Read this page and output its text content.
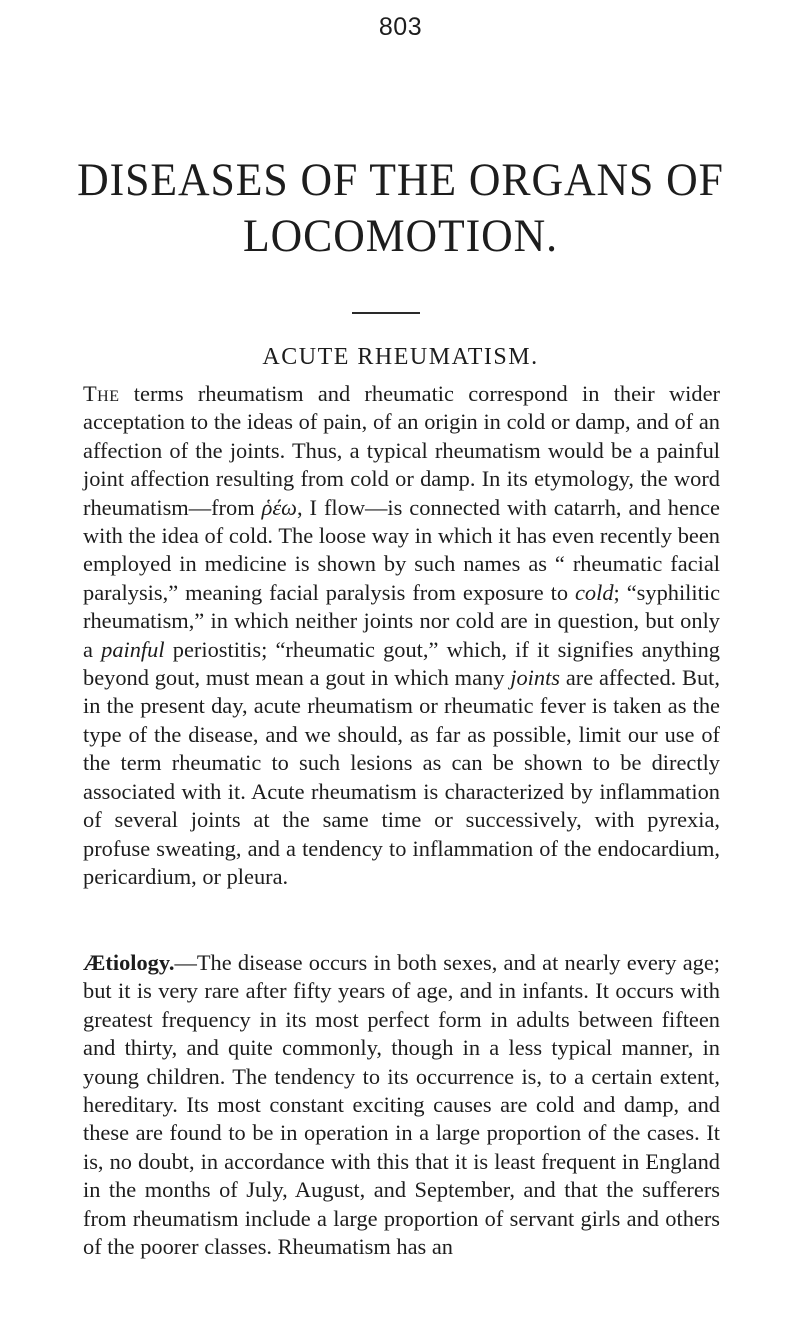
803
DISEASES OF THE ORGANS OF
LOCOMOTION.
ACUTE RHEUMATISM.

The terms rheumatism and rheumatic correspond in their wider acceptation to the ideas of pain, of an origin in cold or damp, and of an affection of the joints. Thus, a typical rheumatism would be a painful joint affection resulting from cold or damp. In its etymology, the word rheumatism—from ῥέω, I flow—is connected with catarrh, and hence with the idea of cold. The loose way in which it has even recently been employed in medicine is shown by such names as “ rheumatic facial paralysis,” meaning facial paralysis from exposure to cold; “syphilitic rheumatism,” in which neither joints nor cold are in question, but only a painful periostitis; “rheumatic gout,” which, if it signifies anything beyond gout, must mean a gout in which many joints are affected. But, in the present day, acute rheumatism or rheumatic fever is taken as the type of the disease, and we should, as far as possible, limit our use of the term rheumatic to such lesions as can be shown to be directly associated with it. Acute rheumatism is characterized by inflammation of several joints at the same time or successively, with pyrexia, profuse sweating, and a tendency to inflammation of the endocardium, pericardium, or pleura.

Ætiology.—The disease occurs in both sexes, and at nearly every age; but it is very rare after fifty years of age, and in infants. It occurs with greatest frequency in its most perfect form in adults between fifteen and thirty, and quite commonly, though in a less typical manner, in young children. The tendency to its occurrence is, to a certain extent, hereditary. Its most constant exciting causes are cold and damp, and these are found to be in operation in a large proportion of the cases. It is, no doubt, in accordance with this that it is least frequent in England in the months of July, August, and September, and that the sufferers from rheumatism include a large proportion of servant girls and others of the poorer classes. Rheumatism has an
